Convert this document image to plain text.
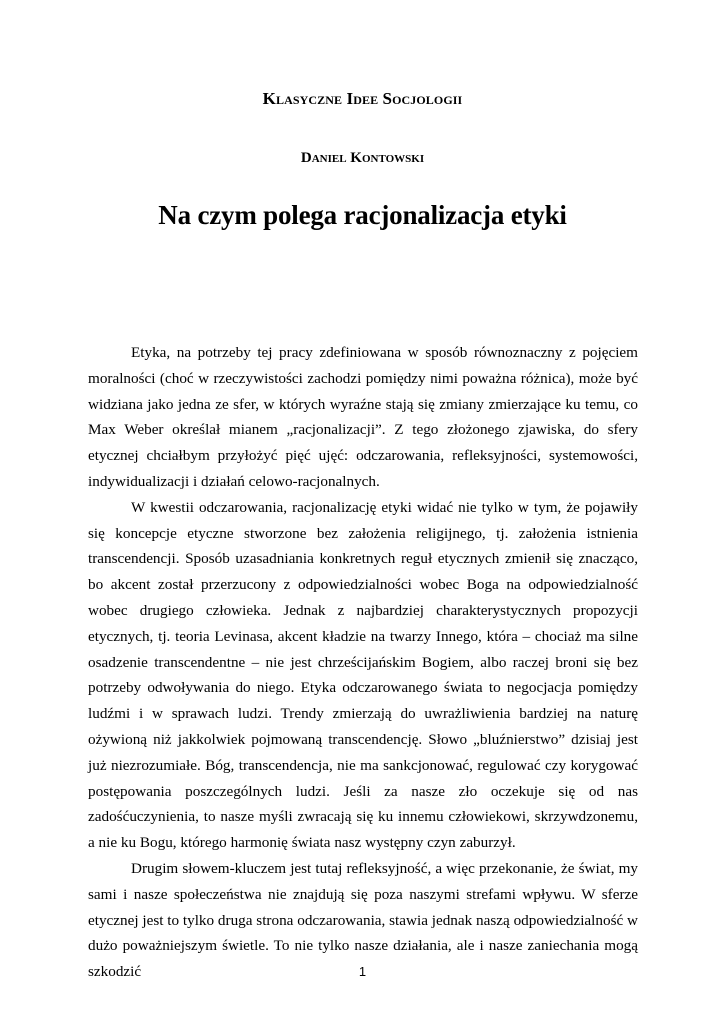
Klasyczne Idee Socjologii
Daniel Kontowski
Na czym polega racjonalizacja etyki

Etyka, na potrzeby tej pracy zdefiniowana w sposób równoznaczny z pojęciem moralności (choć w rzeczywistości zachodzi pomiędzy nimi poważna różnica), może być widziana jako jedna ze sfer, w których wyraźne stają się zmiany zmierzające ku temu, co Max Weber określał mianem „racjonalizacji”. Z tego złożonego zjawiska, do sfery etycznej chciałbym przyłożyć pięć ujęć: odczarowania, refleksyjności, systemowości, indywidualizacji i działań celowo-racjonalnych.

W kwestii odczarowania, racjonalizację etyki widać nie tylko w tym, że pojawiły się koncepcje etyczne stworzone bez założenia religijnego, tj. założenia istnienia transcendencji. Sposób uzasadniania konkretnych reguł etycznych zmienił się znacząco, bo akcent został przerzucony z odpowiedzialności wobec Boga na odpowiedzialność wobec drugiego człowieka. Jednak z najbardziej charakterystycznych propozycji etycznych, tj. teoria Levinasa, akcent kładzie na twarzy Innego, która – chociaż ma silne osadzenie transcendentne – nie jest chrześcijańskim Bogiem, albo raczej broni się bez potrzeby odwoływania do niego. Etyka odczarowanego świata to negocjacja pomiędzy ludźmi i w sprawach ludzi. Trendy zmierzają do uwrażliwienia bardziej na naturę ożywioną niż jakkolwiek pojmowaną transcendencję. Słowo „bluźnierstwo” dzisiaj jest już niezrozumiałe. Bóg, transcendencja, nie ma sankcjonować, regulować czy korygować postępowania poszczególnych ludzi. Jeśli za nasze zło oczekuje się od nas zadośćuczynienia, to nasze myśli zwracają się ku innemu człowiekowi, skrzywdzonemu, a nie ku Bogu, którego harmonię świata nasz występny czyn zaburzył.

Drugim słowem-kluczem jest tutaj refleksyjność, a więc przekonanie, że świat, my sami i nasze społeczeństwa nie znajdują się poza naszymi strefami wpływu. W sferze etycznej jest to tylko druga strona odczarowania, stawia jednak naszą odpowiedzialność w dużo poważniejszym świetle. To nie tylko nasze działania, ale i nasze zaniechania mogą szkodzić	1
